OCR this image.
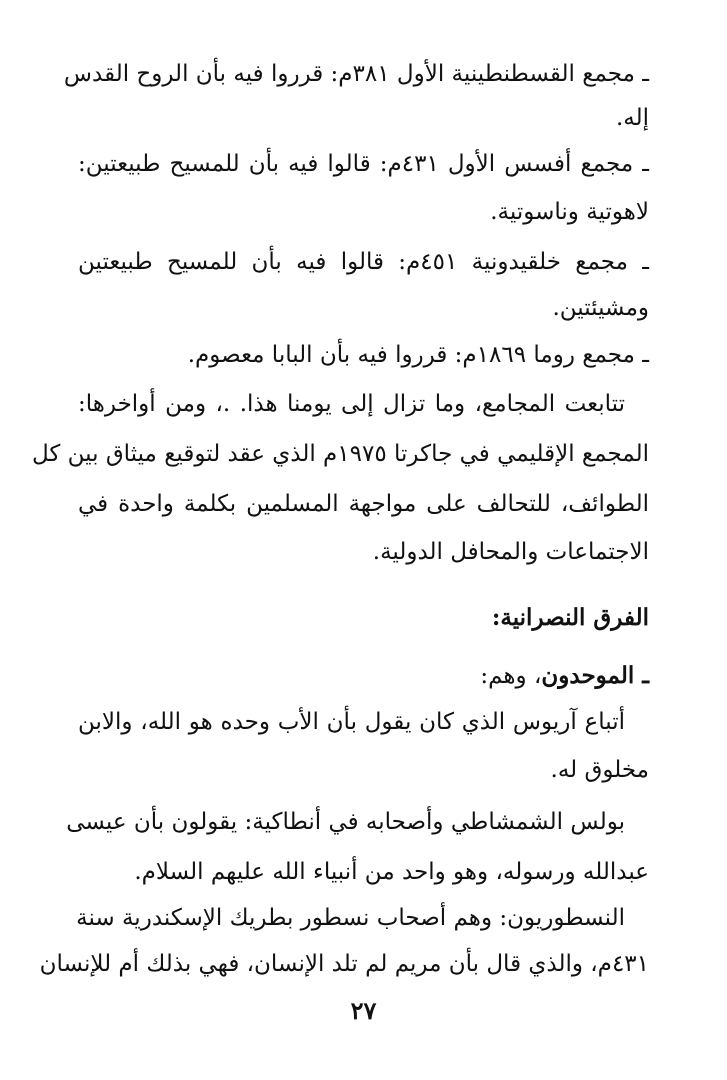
ـ مجمع القسطنطينية الأول ٣٨١م: قرروا فيه بأن الروح القدس
إله.
ـ مجمع أفسس الأول ٤٣١م: قالوا فيه بأن للمسيح طبيعتين:
لاهوتية وناسوتية.
ـ مجمع خلقيدونية ٤٥١م: قالوا فيه بأن للمسيح طبيعتين
ومشيئتين.
ـ مجمع روما ١٨٦٩م: قرروا فيه بأن البابا معصوم.
تتابعت المجامع، وما تزال إلى يومنا هذا. .، ومن أواخرها:
المجمع الإقليمي في جاكرتا ١٩٧٥م الذي عقد لتوقيع ميثاق بين كل
الطوائف، للتحالف على مواجهة المسلمين بكلمة واحدة في
الاجتماعات والمحافل الدولية.
الفرق النصرانية:
ـ الموحدون، وهم:
أتباع آريوس الذي كان يقول بأن الأب وحده هو الله، والابن
مخلوق له.
بولس الشمشاطي وأصحابه في أنطاكية: يقولون بأن عيسى
عبدالله ورسوله، وهو واحد من أنبياء الله عليهم السلام.
النسطوريون: وهم أصحاب نسطور بطريك الإسكندرية سنة
٤٣١م، والذي قال بأن مريم لم تلد الإنسان، فهي بذلك أم للإنسان
٢٧
